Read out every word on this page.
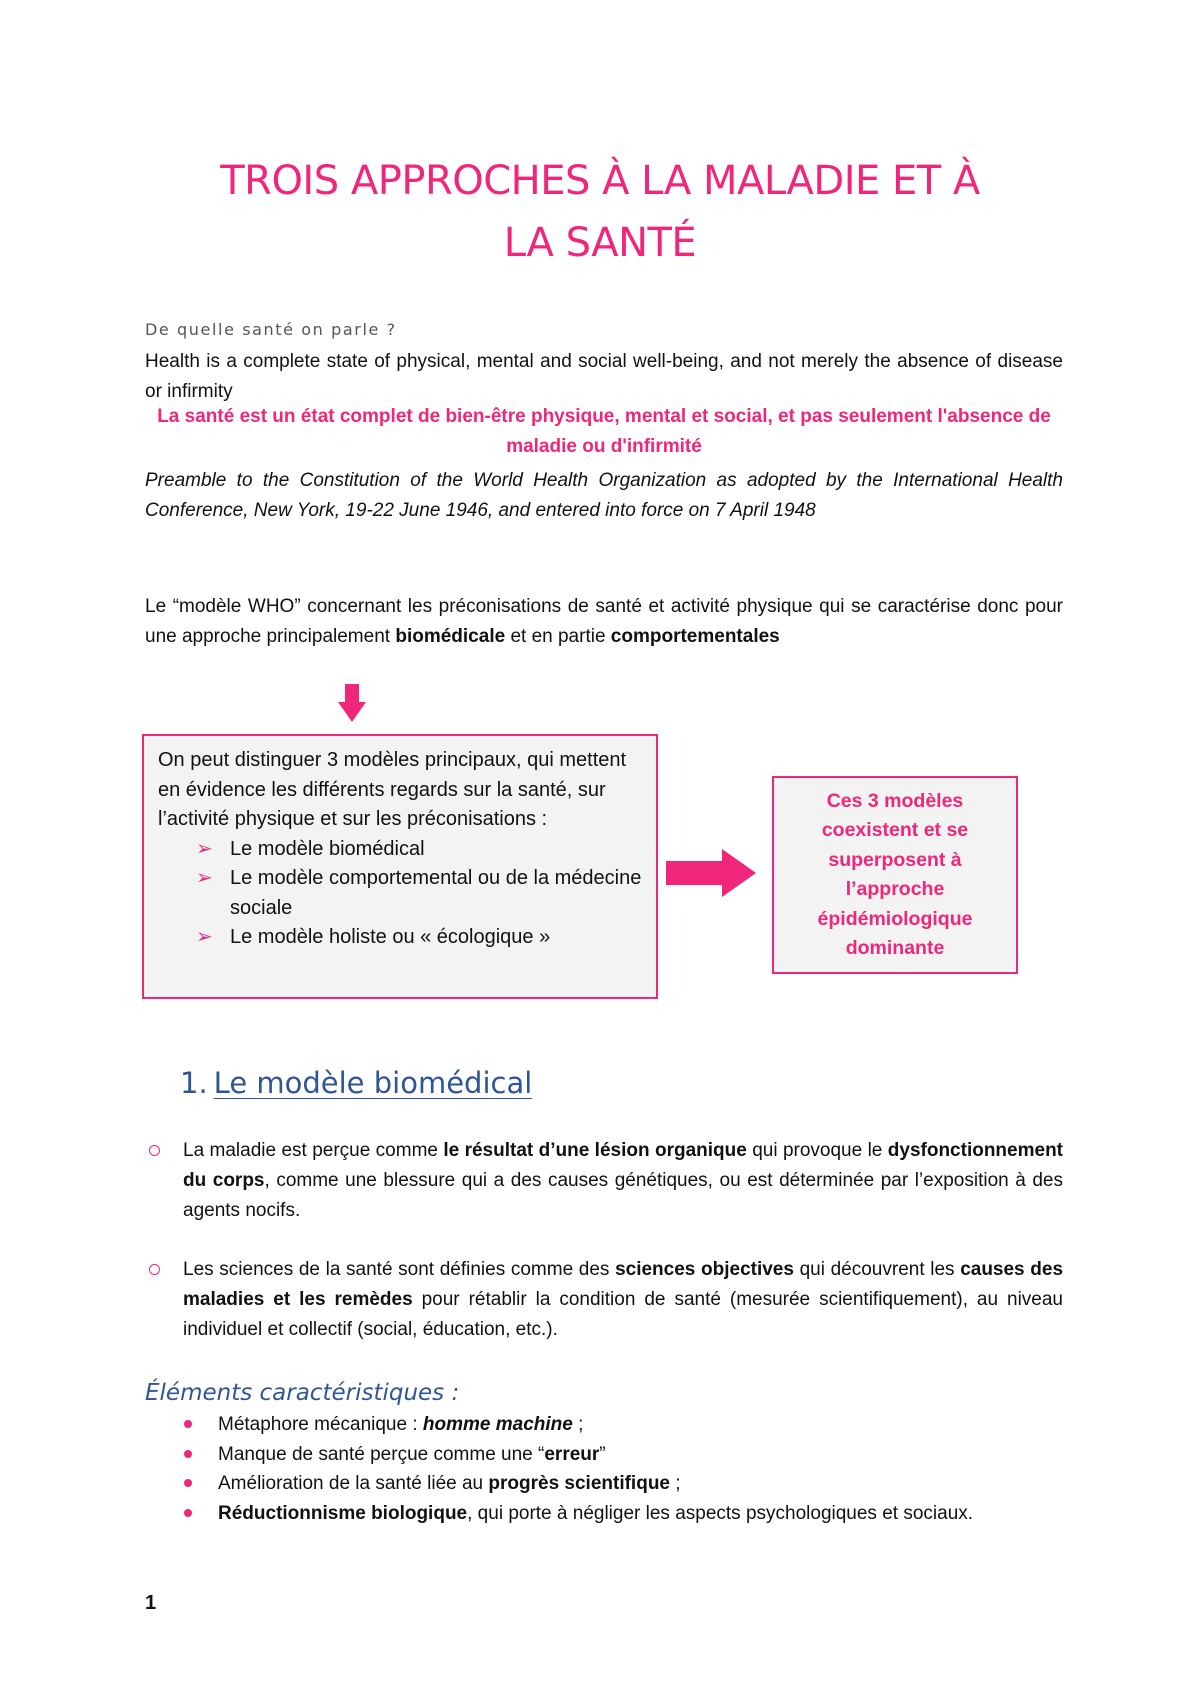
TROIS APPROCHES À LA MALADIE ET À
LA SANTÉ
De quelle santé on parle ?

Health is a complete state of physical, mental and social well-being, and not merely the absence of disease or infirmity

La santé est un état complet de bien-être physique, mental et social, et pas seulement l'absence de maladie ou d'infirmité

Preamble to the Constitution of the World Health Organization as adopted by the International Health Conference, New York, 19-22 June 1946, and entered into force on 7 April 1948

Le “modèle WHO” concernant les préconisations de santé et activité physique qui se caractérise donc pour une approche principalement biomédicale et en partie comportementales

On peut distinguer 3 modèles principaux, qui mettent en évidence les différents regards sur la santé, sur l’activité physique et sur les préconisations :

➢ Le modèle biomédical
➢ Le modèle comportemental ou de la médecine sociale
➢ Le modèle holiste ou « écologique »
Ces 3 modèles coexistent et se superposent à l’approche épidémiologique dominante
1. Le modèle biomédical
La maladie est perçue comme le résultat d’une lésion organique qui provoque le dysfonctionnement du corps, comme une blessure qui a des causes génétiques, ou est déterminée par l’exposition à des agents nocifs.
Les sciences de la santé sont définies comme des sciences objectives qui découvrent les causes des maladies et les remèdes pour rétablir la condition de santé (mesurée scientifiquement), au niveau individuel et collectif (social, éducation, etc.).
Éléments caractéristiques :
Métaphore mécanique : homme machine ;
Manque de santé perçue comme une “erreur”
Amélioration de la santé liée au progrès scientifique ;
Réductionnisme biologique, qui porte à négliger les aspects psychologiques et sociaux.
1
